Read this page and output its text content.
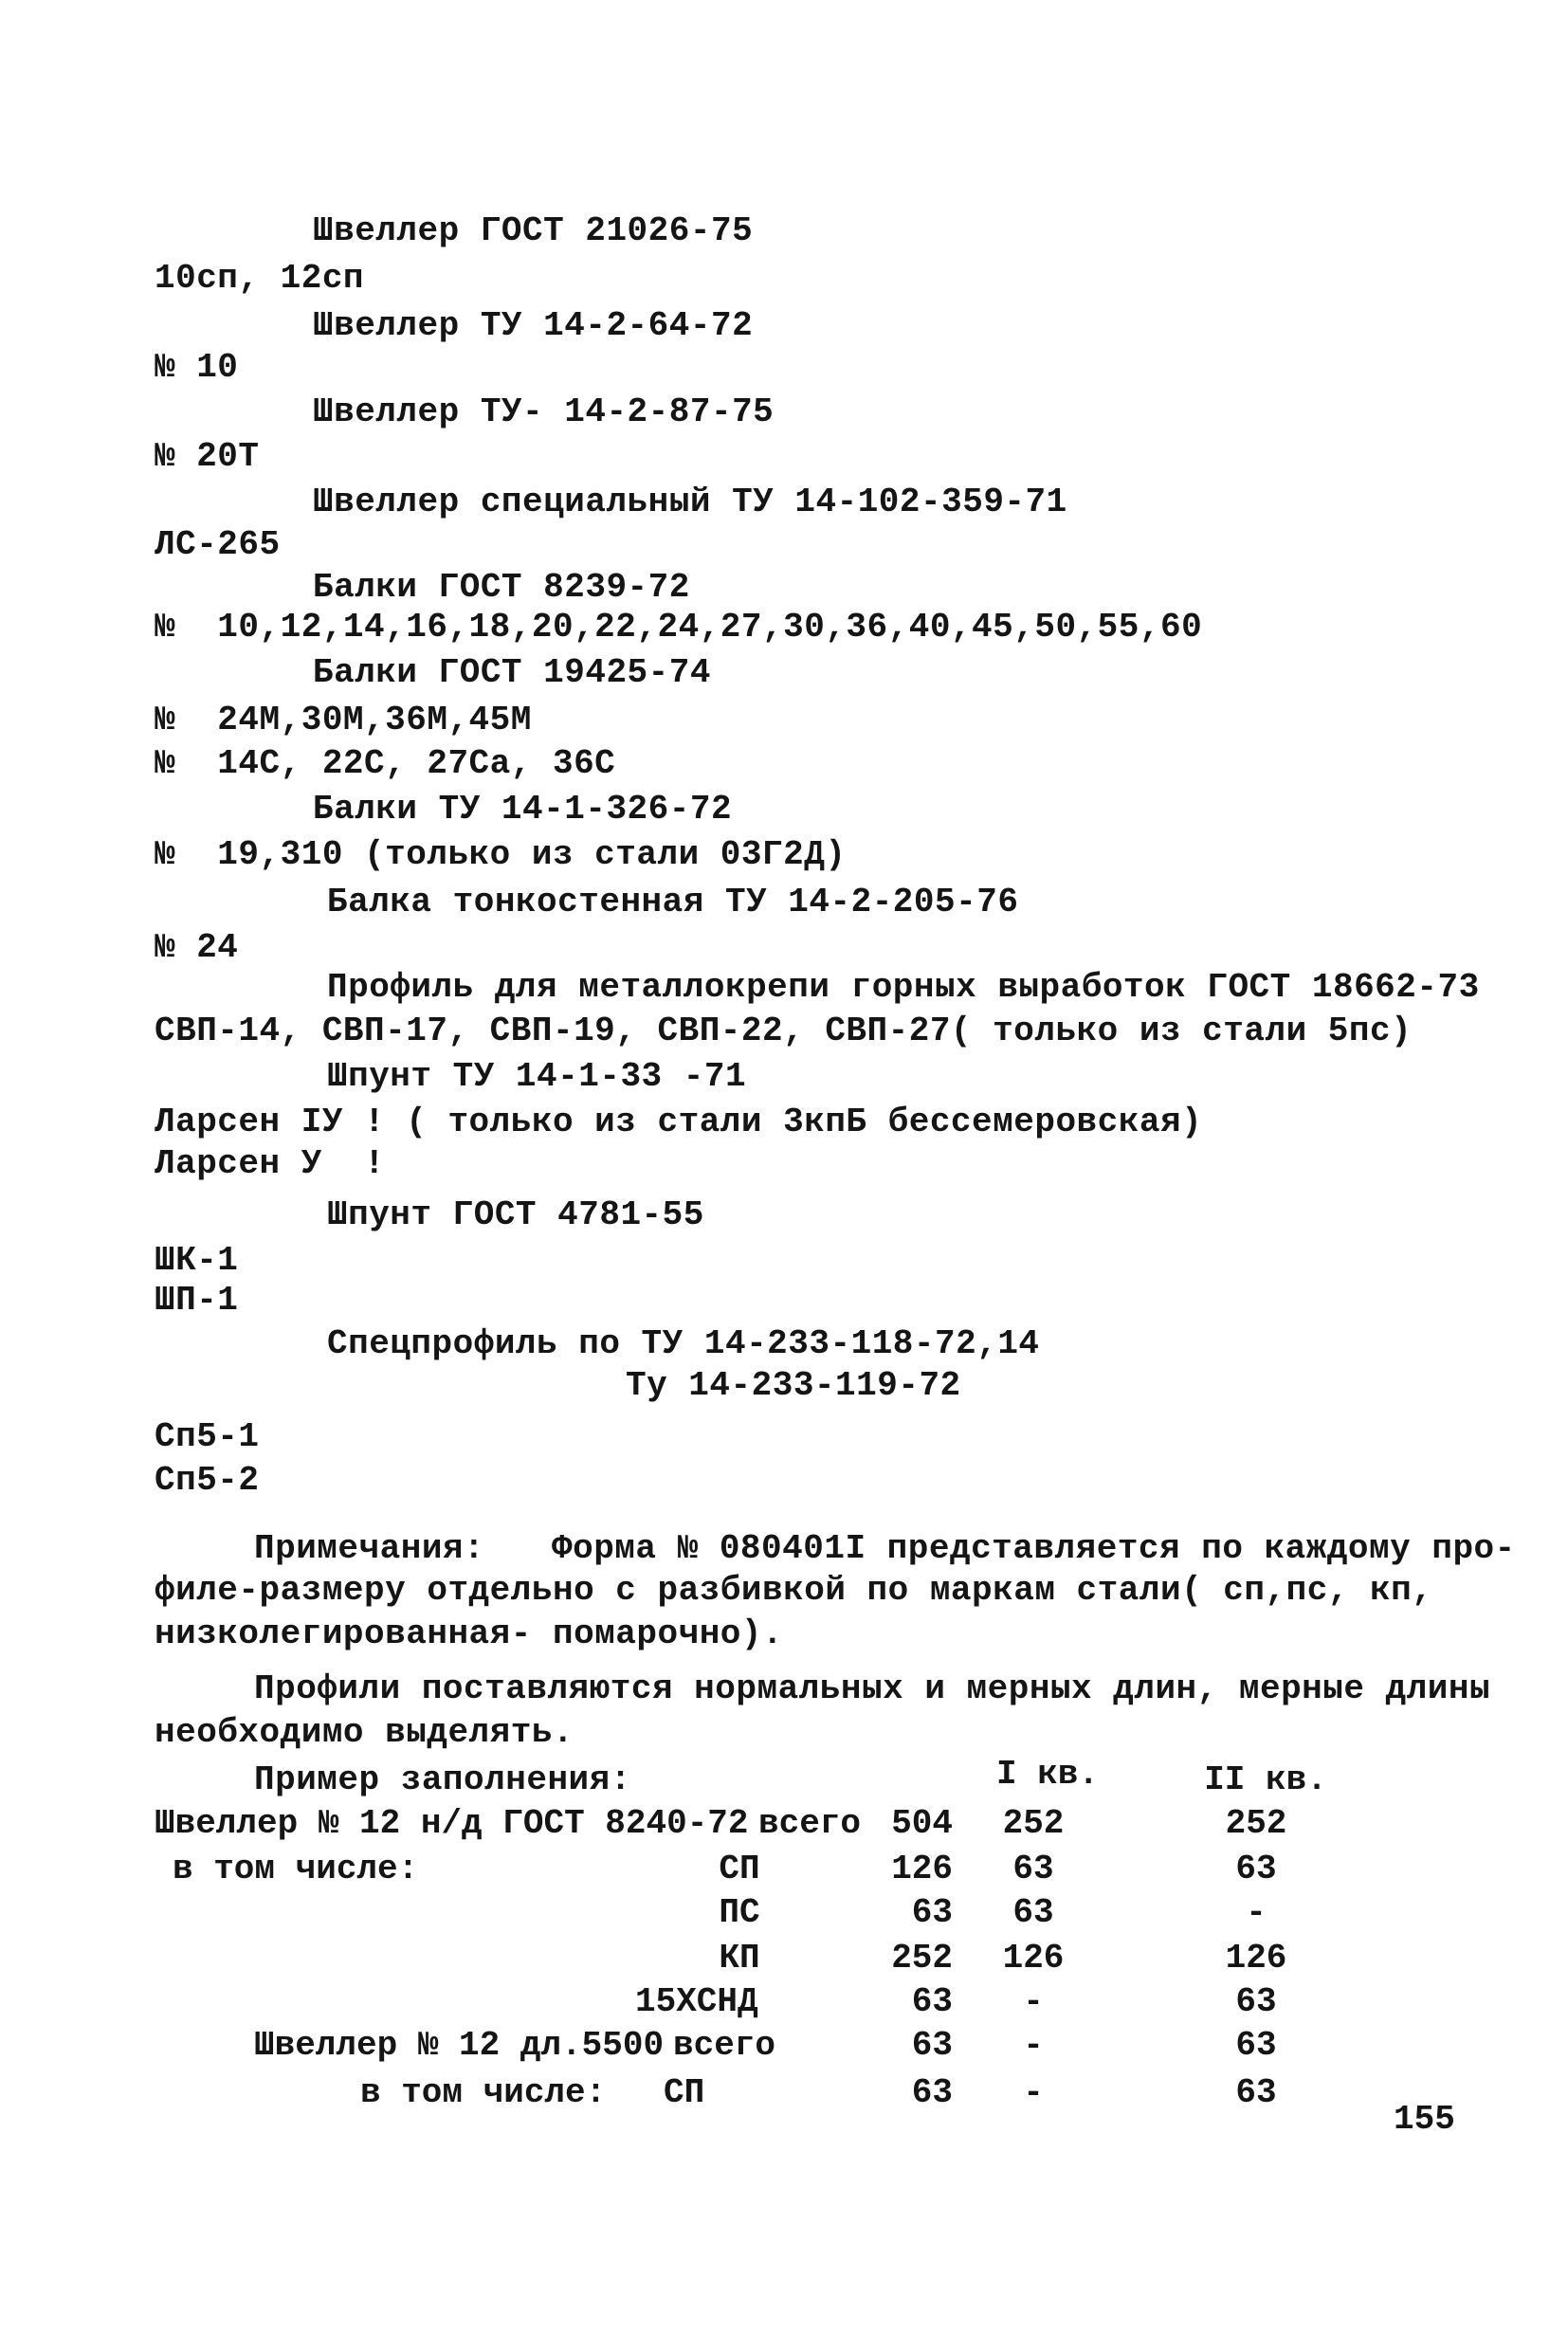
Швеллер ГОСТ 21026-75
10сп, 12сп
Швеллер ТУ 14-2-64-72
№ 10
Швеллер ТУ- 14-2-87-75
№ 20Т
Швеллер специальный ТУ 14-102-359-71
ЛС-265
Балки ГОСТ 8239-72
№  10,12,14,16,18,20,22,24,27,30,36,40,45,50,55,60
Балки ГОСТ 19425-74
№  24М,30М,36М,45М
№  14С, 22С, 27Са, 36С
Балки ТУ 14-1-326-72
№  19,310 (только из стали 03Г2Д)
Балка тонкостенная ТУ 14-2-205-76
№ 24
Профиль для металлокрепи горных выработок ГОСТ 18662-73
СВП-14, СВП-17, СВП-19, СВП-22, СВП-27( только из стали 5пс)
Шпунт ТУ 14-1-33 -71
Ларсен IУ ! ( только из стали 3кпБ бессемеровская)
Ларсен У  !
Шпунт ГОСТ 4781-55
ШК-1
ШП-1
Спецпрофиль по ТУ 14-233-118-72,14
Ту 14-233-119-72
Сп5-1
Сп5-2
Примечания: Форма № 080401I представляется по каждому про-
филе-размеру отдельно с разбивкой по маркам стали( сп,пс, кп,
низколегированная- помарочно).
Профили поставляются нормальных и мерных длин, мерные длины
необходимо выделять.
Пример заполнения:	I кв.	II кв.
Швеллер № 12 н/д ГОСТ 8240-72 всего 504	252	252
в том числе:	СП	126	63	63
ПС	63	63	-
КП	252	126	126
15ХСНД	63	-	63
Швеллер № 12 дл.5500 всего	63	-	63
в том числе: СП	63	-	63
155
